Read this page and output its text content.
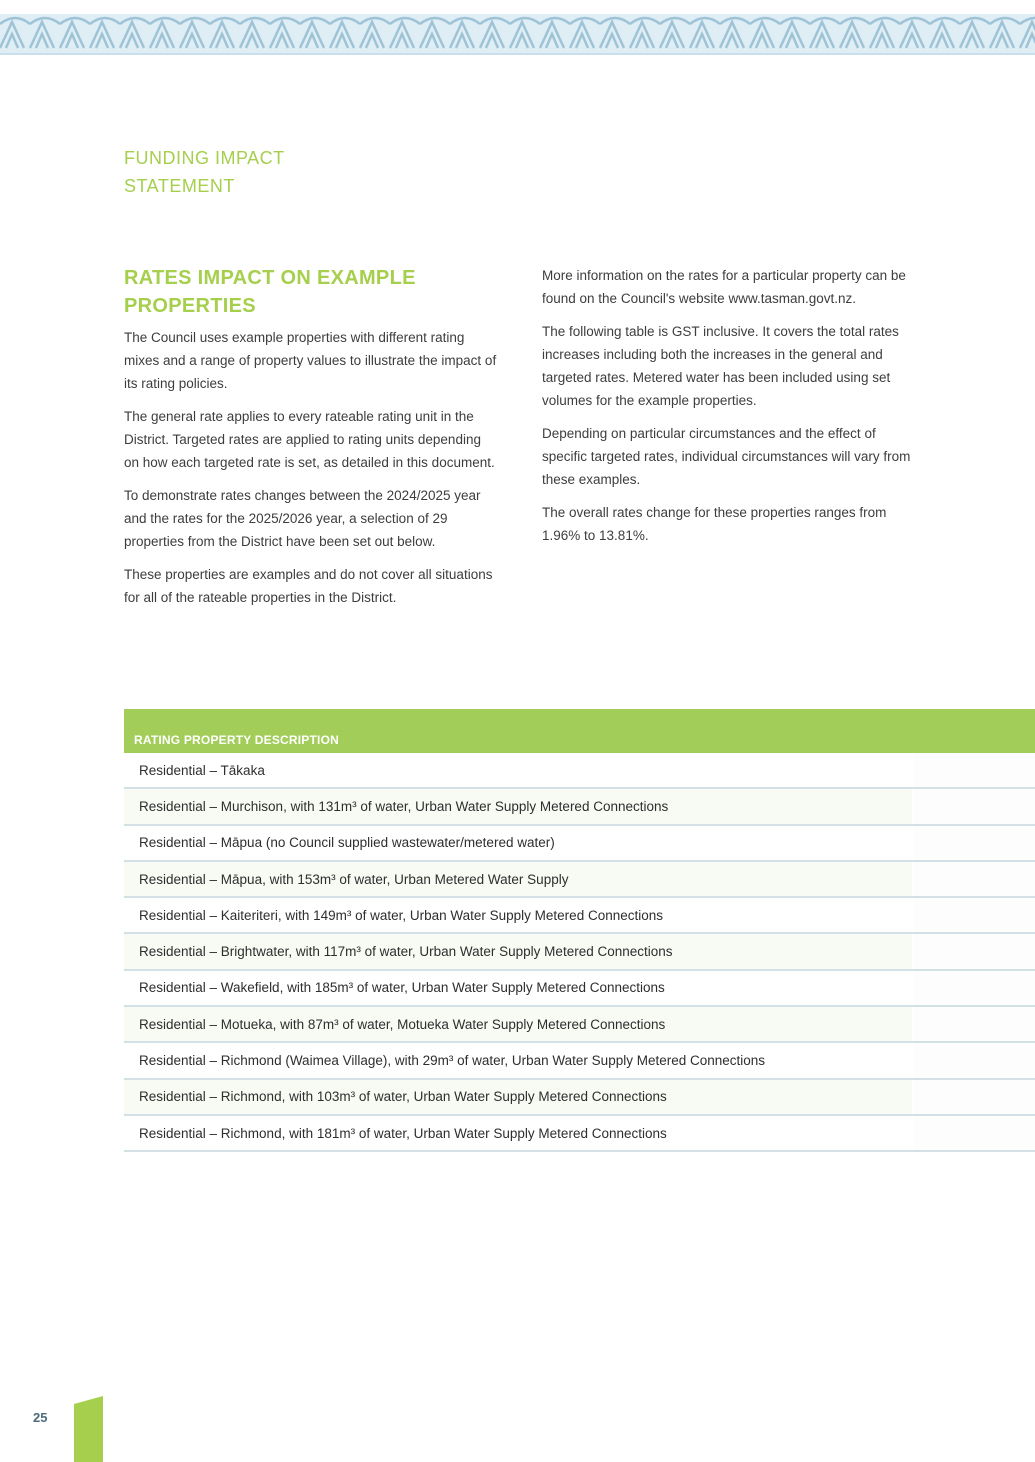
FUNDING IMPACT
STATEMENT
RATES IMPACT ON EXAMPLE
PROPERTIES

The Council uses example properties with different rating mixes and a range of property values to illustrate the impact of its rating policies.

The general rate applies to every rateable rating unit in the District. Targeted rates are applied to rating units depending on how each targeted rate is set, as detailed in this document.

To demonstrate rates changes between the 2024/2025 year and the rates for the 2025/2026 year, a selection of 29 properties from the District have been set out below.

These properties are examples and do not cover all situations for all of the rateable properties in the District.

More information on the rates for a particular property can be found on the Council's website www.tasman.govt.nz.

The following table is GST inclusive. It covers the total rates increases including both the increases in the general and targeted rates. Metered water has been included using set volumes for the example properties.

Depending on particular circumstances and the effect of specific targeted rates, individual circumstances will vary from these examples.

The overall rates change for these properties ranges from 1.96% to 13.81%.

RATING PROPERTY DESCRIPTION
Residential – Tākaka
Residential – Murchison, with 131m³ of water, Urban Water Supply Metered Connections
Residential – Māpua (no Council supplied wastewater/metered water)
Residential – Māpua, with 153m³ of water, Urban Metered Water Supply
Residential – Kaiteriteri, with 149m³ of water, Urban Water Supply Metered Connections
Residential – Brightwater, with 117m³ of water, Urban Water Supply Metered Connections
Residential – Wakefield, with 185m³ of water, Urban Water Supply Metered Connections
Residential – Motueka, with 87m³ of water, Motueka Water Supply Metered Connections
Residential – Richmond (Waimea Village), with 29m³ of water, Urban Water Supply Metered Connections
Residential – Richmond, with 103m³ of water, Urban Water Supply Metered Connections
Residential – Richmond, with 181m³ of water, Urban Water Supply Metered Connections
25
